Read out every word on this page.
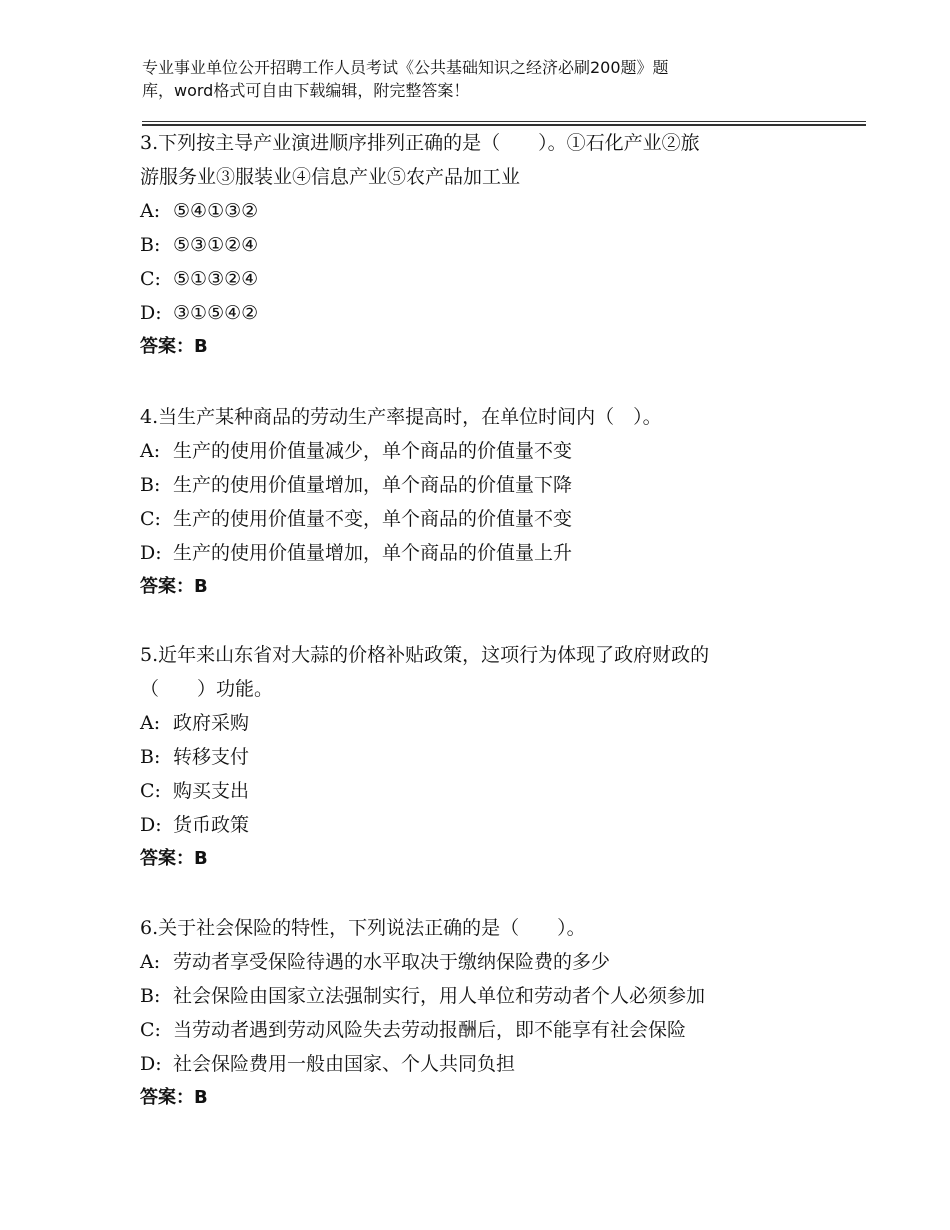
专业事业单位公开招聘工作人员考试《公共基础知识之经济必刷200题》题
库，word格式可自由下载编辑，附完整答案！
3.下列按主导产业演进顺序排列正确的是（　　）。①石化产业②旅
游服务业③服装业④信息产业⑤农产品加工业
A: ⑤④①③②
B: ⑤③①②④
C: ⑤①③②④
D: ③①⑤④②
答案：B
4.当生产某种商品的劳动生产率提高时，在单位时间内（　）。
A: 生产的使用价值量减少，单个商品的价值量不变
B: 生产的使用价值量增加，单个商品的价值量下降
C: 生产的使用价值量不变，单个商品的价值量不变
D: 生产的使用价值量增加，单个商品的价值量上升
答案：B
5.近年来山东省对大蒜的价格补贴政策，这项行为体现了政府财政的
（　　）功能。
A: 政府采购
B: 转移支付
C: 购买支出
D: 货币政策
答案：B
6.关于社会保险的特性，下列说法正确的是（　　）。
A: 劳动者享受保险待遇的水平取决于缴纳保险费的多少
B: 社会保险由国家立法强制实行，用人单位和劳动者个人必须参加
C: 当劳动者遇到劳动风险失去劳动报酬后，即不能享有社会保险
D: 社会保险费用一般由国家、个人共同负担
答案：B
